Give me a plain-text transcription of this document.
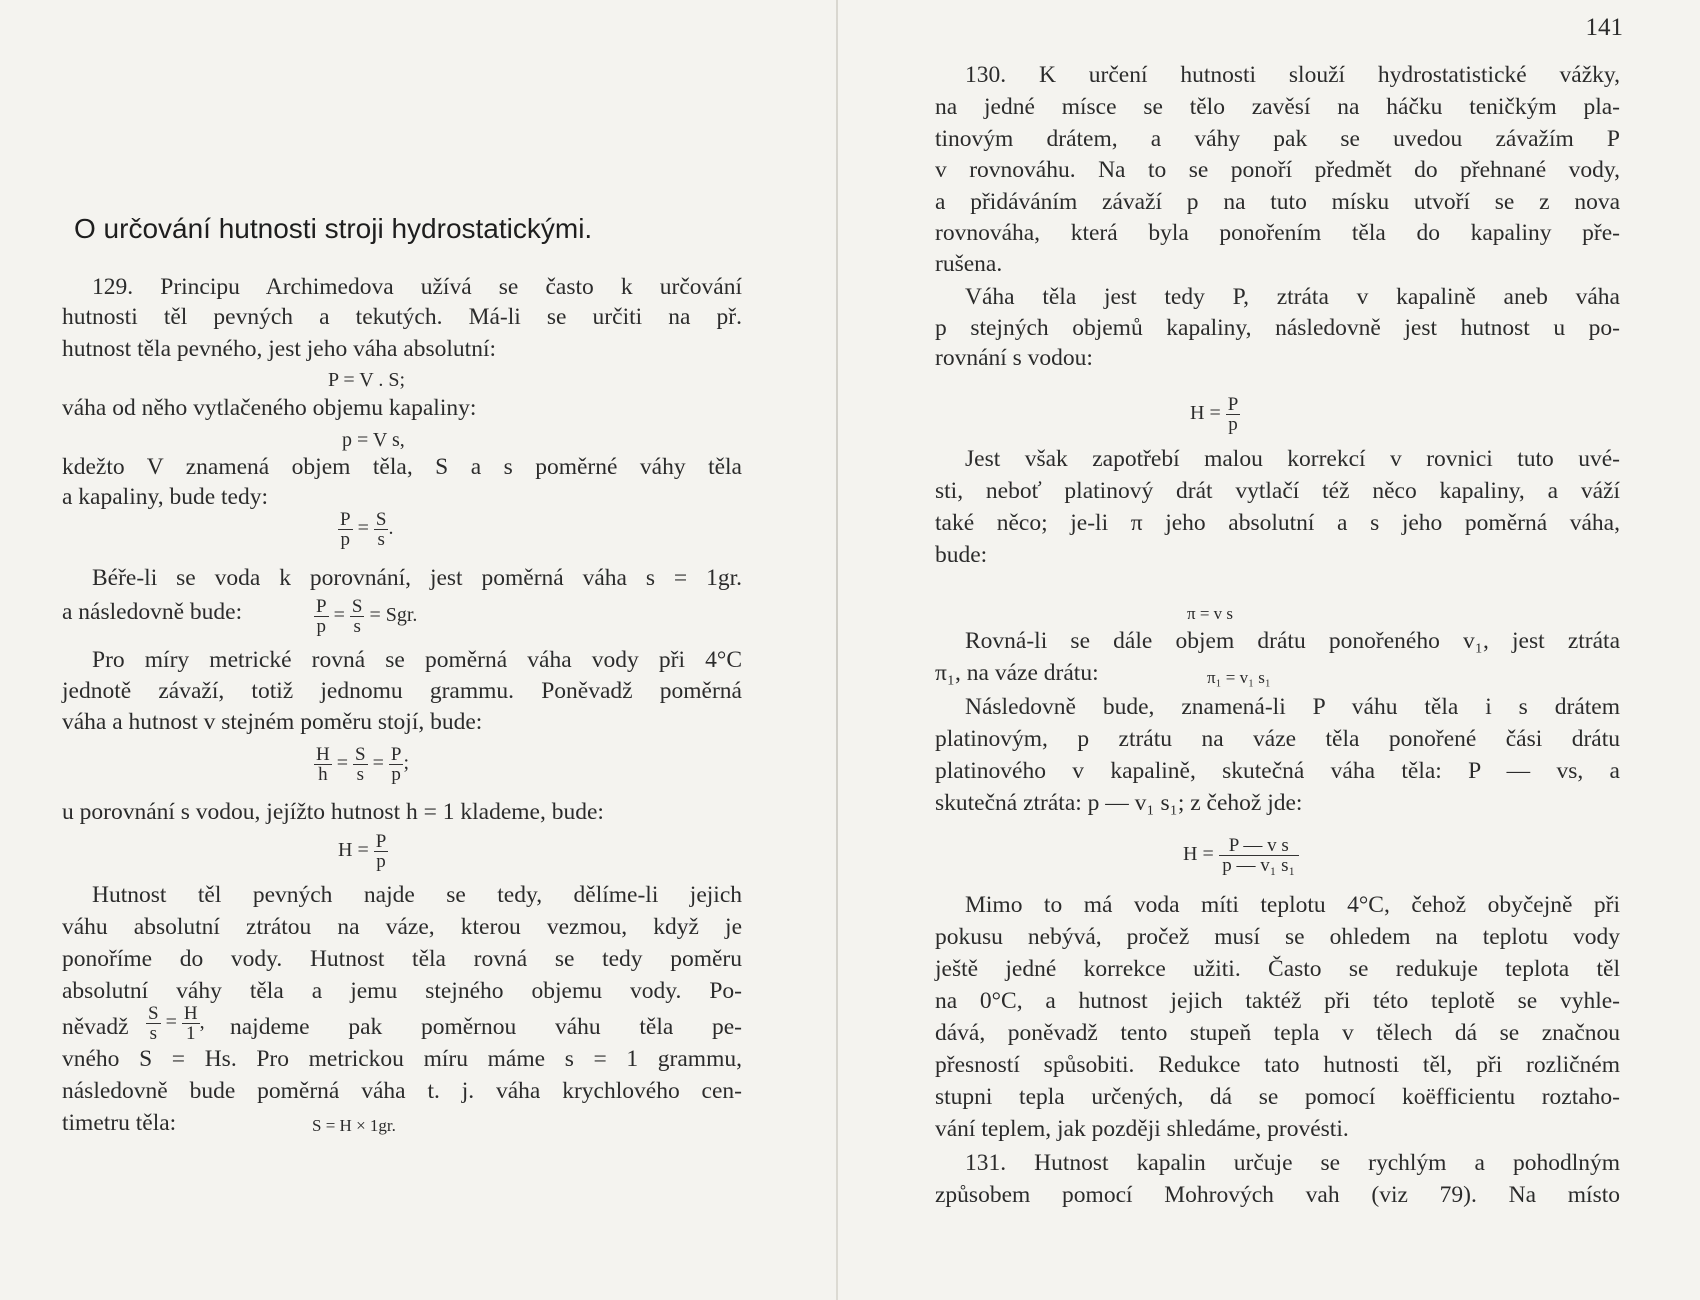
O určování hutnosti stroji hydrostatickými.
129. Principu Archimedova užívá se často k určování
hutnosti těl pevných a tekutých. Má-li se určiti na př.
hutnost těla pevného, jest jeho váha absolutní:
P = V . S;
váha od něho vytlačeného objemu kapaliny:
p = V s,
kdežto V znamená objem těla, S a s poměrné váhy těla
a kapaliny, bude tedy:
$\frac{P}{p} = \frac{S}{s}$ .
Béře-li se voda k porovnání, jest poměrná váha s = 1gr.
a následovně bude:	$\frac{P}{p} = \frac{S}{s}$ = Sgr.
Pro míry metrické rovná se poměrná váha vody při 4°C
jednotě závaží, totiž jednomu grammu. Poněvadž poměrná
váha a hutnost v stejném poměru stojí, bude:
$\frac{H}{h} = \frac{S}{s} = \frac{P}{p}$ ;
u porovnání s vodou, jejížto hutnost h = 1 klademe, bude:
$H = \frac{P}{p}$
Hutnost těl pevných najde se tedy, dělíme-li jejich
váhu absolutní ztrátou na váze, kterou vezmou, když je
ponoříme do vody. Hutnost těla rovná se tedy poměru
absolutní váhy těla a jemu stejného objemu vody. Po-
něvadž $\frac{S}{s} = \frac{H}{1}$ , najdeme pak poměrnou váhu těla pe-
vného S = Hs. Pro metrickou míru máme s = 1 grammu,
následovně bude poměrná váha t. j. váha krychlového cen-
timetru těla:	S = H × 1gr.
141
130. K určení hutnosti slouží hydrostatistické vážky,
na jedné mísce se tělo zavěsí na háčku teničkým pla-
tinovým drátem, a váhy pak se uvedou závažím P
v rovnováhu. Na to se ponoří předmět do přehnané vody,
a přidáváním závaží p na tuto mísku utvoří se z nova
rovnováha, která byla ponořením těla do kapaliny pře-
rušena.
Váha těla jest tedy P, ztráta v kapalině aneb váha
p stejných objemů kapaliny, následovně jest hutnost u po-
rovnání s vodou:
$H = \frac{P}{p}$
Jest však zapotřebí malou korrekcí v rovnici tuto uvé-
sti, neboť platinový drát vytlačí též něco kapaliny, a váží
také něco; je-li π jeho absolutní a s jeho poměrná váha,
bude:
π = v s
Rovná-li se dále objem drátu ponořeného v₁, jest ztráta
π₁, na váze drátu:	π₁ = v₁ s₁
Následovně bude, znamená-li P váhu těla i s drátem
platinovým, p ztrátu na váze těla ponořené čási drátu
platinového v kapalině, skutečná váha těla: P — vs, a
skutečná ztráta: p — v₁ s₁; z čehož jde:
$H = \frac{\text{P — v s}}{\text{p — v₁ s₁}}$
Mimo to má voda míti teplotu 4°C, čehož obyčejně při
pokusu nebývá, pročež musí se ohledem na teplotu vody
ještě jedné korrekce užiti. Často se redukuje teplota těl
na 0°C, a hutnost jejich taktéž při této teplotě se vyhle-
dává, poněvadž tento stupeň tepla v tělech dá se značnou
přesností spůsobiti. Redukce tato hutnosti těl, při rozličném
stupni tepla určených, dá se pomocí koëfficientu roztaho-
vání teplem, jak později shledáme, provésti.
131. Hutnost kapalin určuje se rychlým a pohodlným
způsobem pomocí Mohrových vah (viz 79). Na místo
